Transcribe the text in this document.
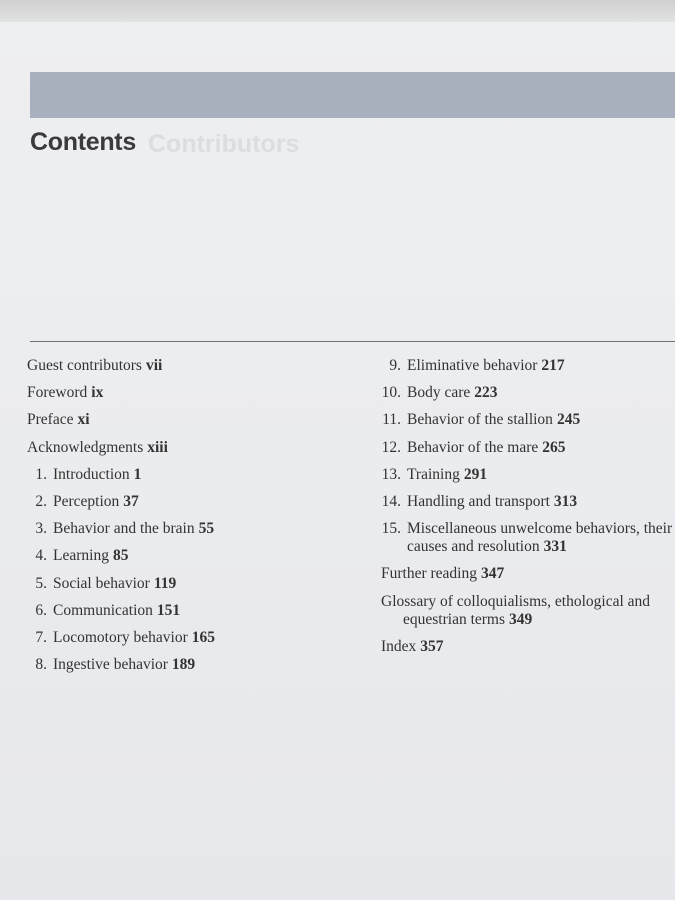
Contributors
Contents
Guest contributors vii
Foreword ix
Preface xi
Acknowledgments xiii
1. Introduction 1
2. Perception 37
3. Behavior and the brain 55
4. Learning 85
5. Social behavior 119
6. Communication 151
7. Locomotory behavior 165
8. Ingestive behavior 189
9. Eliminative behavior 217
10. Body care 223
11. Behavior of the stallion 245
12. Behavior of the mare 265
13. Training 291
14. Handling and transport 313
15. Miscellaneous unwelcome behaviors, their
causes and resolution 331
Further reading 347
Glossary of colloquialisms, ethological and
equestrian terms 349
Index 357
